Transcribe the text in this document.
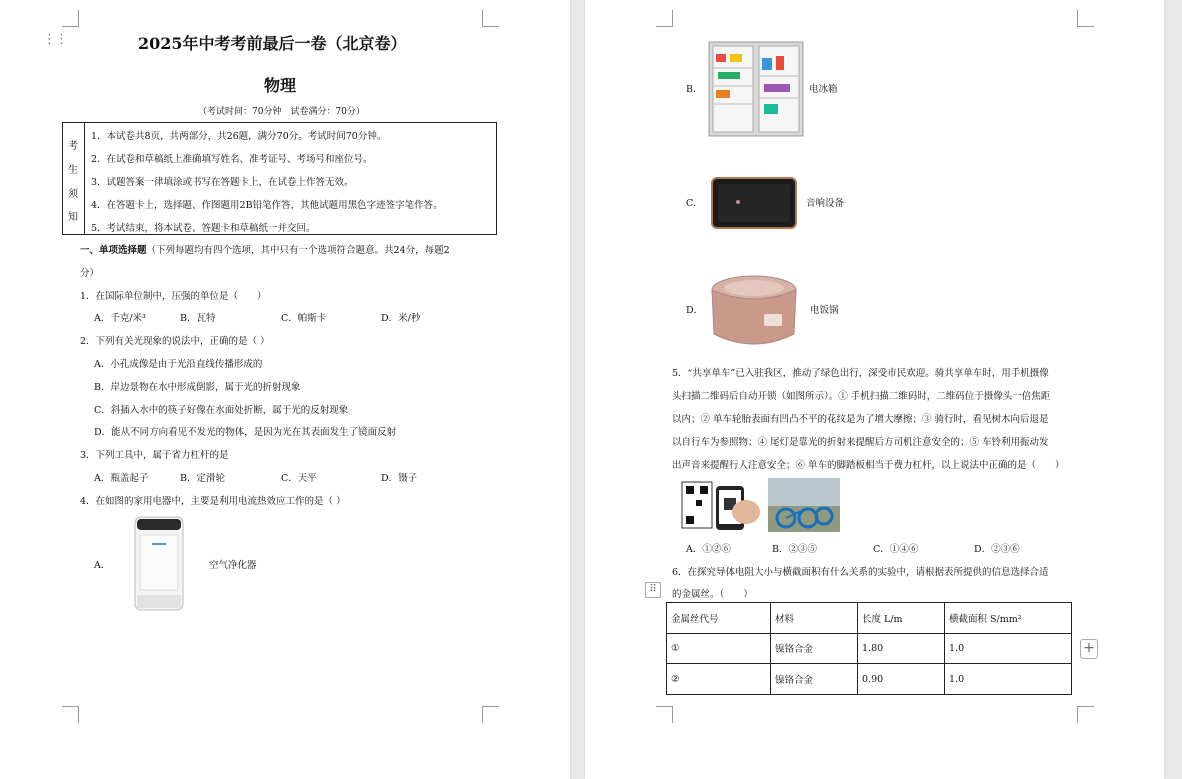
⋮⋮	2025年中考考前最后一卷（北京卷）
物理
（考试时间：70分钟　试卷满分：70分）
考
生
须
知
1．本试卷共8页，共两部分，共26题，满分70分。考试时间70分钟。
2．在试卷和草稿纸上准确填写姓名、准考证号、考场号和座位号。
3．试题答案一律填涂或书写在答题卡上，在试卷上作答无效。
4．在答题卡上，选择题、作图题用2B铅笔作答，其他试题用黑色字迹签字笔作答。
5．考试结束，将本试卷、答题卡和草稿纸一并交回。
一、单项选择题（下列每题均有四个选项，其中只有一个选项符合题意。共24分，每题2
分）
1．在国际单位制中，压强的单位是（　　）
A．千克/米³	B．瓦特	C．帕斯卡	D．米/秒
2．下列有关光现象的说法中，正确的是（ ）
A．小孔成像是由于光沿直线传播形成的
B．岸边景物在水中形成倒影，属于光的折射现象
C．斜插入水中的筷子好像在水面处折断，属于光的反射现象
D．能从不同方向看见不发光的物体，是因为光在其表面发生了镜面反射
3．下列工具中，属于省力杠杆的是
A．瓶盖起子	B．定滑轮	C．天平	D．镊子
4．在如图的家用电器中，主要是利用电流热效应工作的是（ ）
A．	空气净化器
B．	电冰箱
C．	音响设备
D．	电饭锅
5．“共享单车”已入驻我区，推动了绿色出行，深受市民欢迎。骑共享单车时，用手机摄像
头扫描二维码后自动开锁（如图所示）。① 手机扫描二维码时，二维码位于摄像头一倍焦距
以内；② 单车轮胎表面有凹凸不平的花纹是为了增大摩擦；③ 骑行时，看见树木向后退是
以自行车为参照物；④ 尾灯是靠光的折射来提醒后方司机注意安全的；⑤ 车铃利用振动发
出声音来提醒行人注意安全；⑥ 单车的脚踏板相当于费力杠杆，以上说法中正确的是（　　）
A．①②⑥	B．②③⑤	C．①④⑥	D．②③⑥
6．在探究导体电阻大小与横截面积有什么关系的实验中，请根据表所提供的信息选择合适
的金属丝。（　　）
⠿
金属丝代号	材料	长度 L/m	横截面积 S/mm²
①	镍铬合金	1.80	1.0
②	镍铬合金	0.90	1.0
+
